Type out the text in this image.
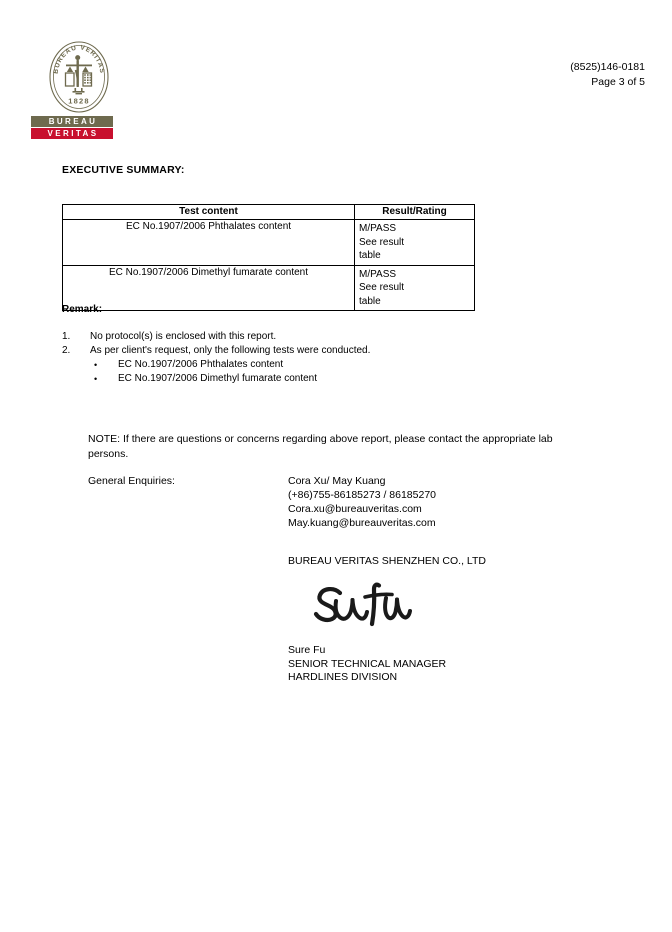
BUREAU VERITAS
1828
BUREAU
VERITAS
(8525)146-0181
Page 3 of 5
EXECUTIVE SUMMARY:
Test content	Result/Rating
EC No.1907/2006 Phthalates content	M/PASS
See result
table

EC No.1907/2006 Dimethyl fumarate content	M/PASS
See result
table
Remark:
1.	No protocol(s) is enclosed with this report.
2.	As per client's request, only the following tests were conducted.
•	EC No.1907/2006 Phthalates content
•	EC No.1907/2006 Dimethyl fumarate content
NOTE: If there are questions or concerns regarding above report, please contact the appropriate lab persons.
General Enquiries:	Cora Xu/ May Kuang
(+86)755-86185273 / 86185270
Cora.xu@bureauveritas.com
May.kuang@bureauveritas.com
BUREAU VERITAS SHENZHEN CO., LTD
Sure Fu
SENIOR TECHNICAL MANAGER
HARDLINES DIVISION
